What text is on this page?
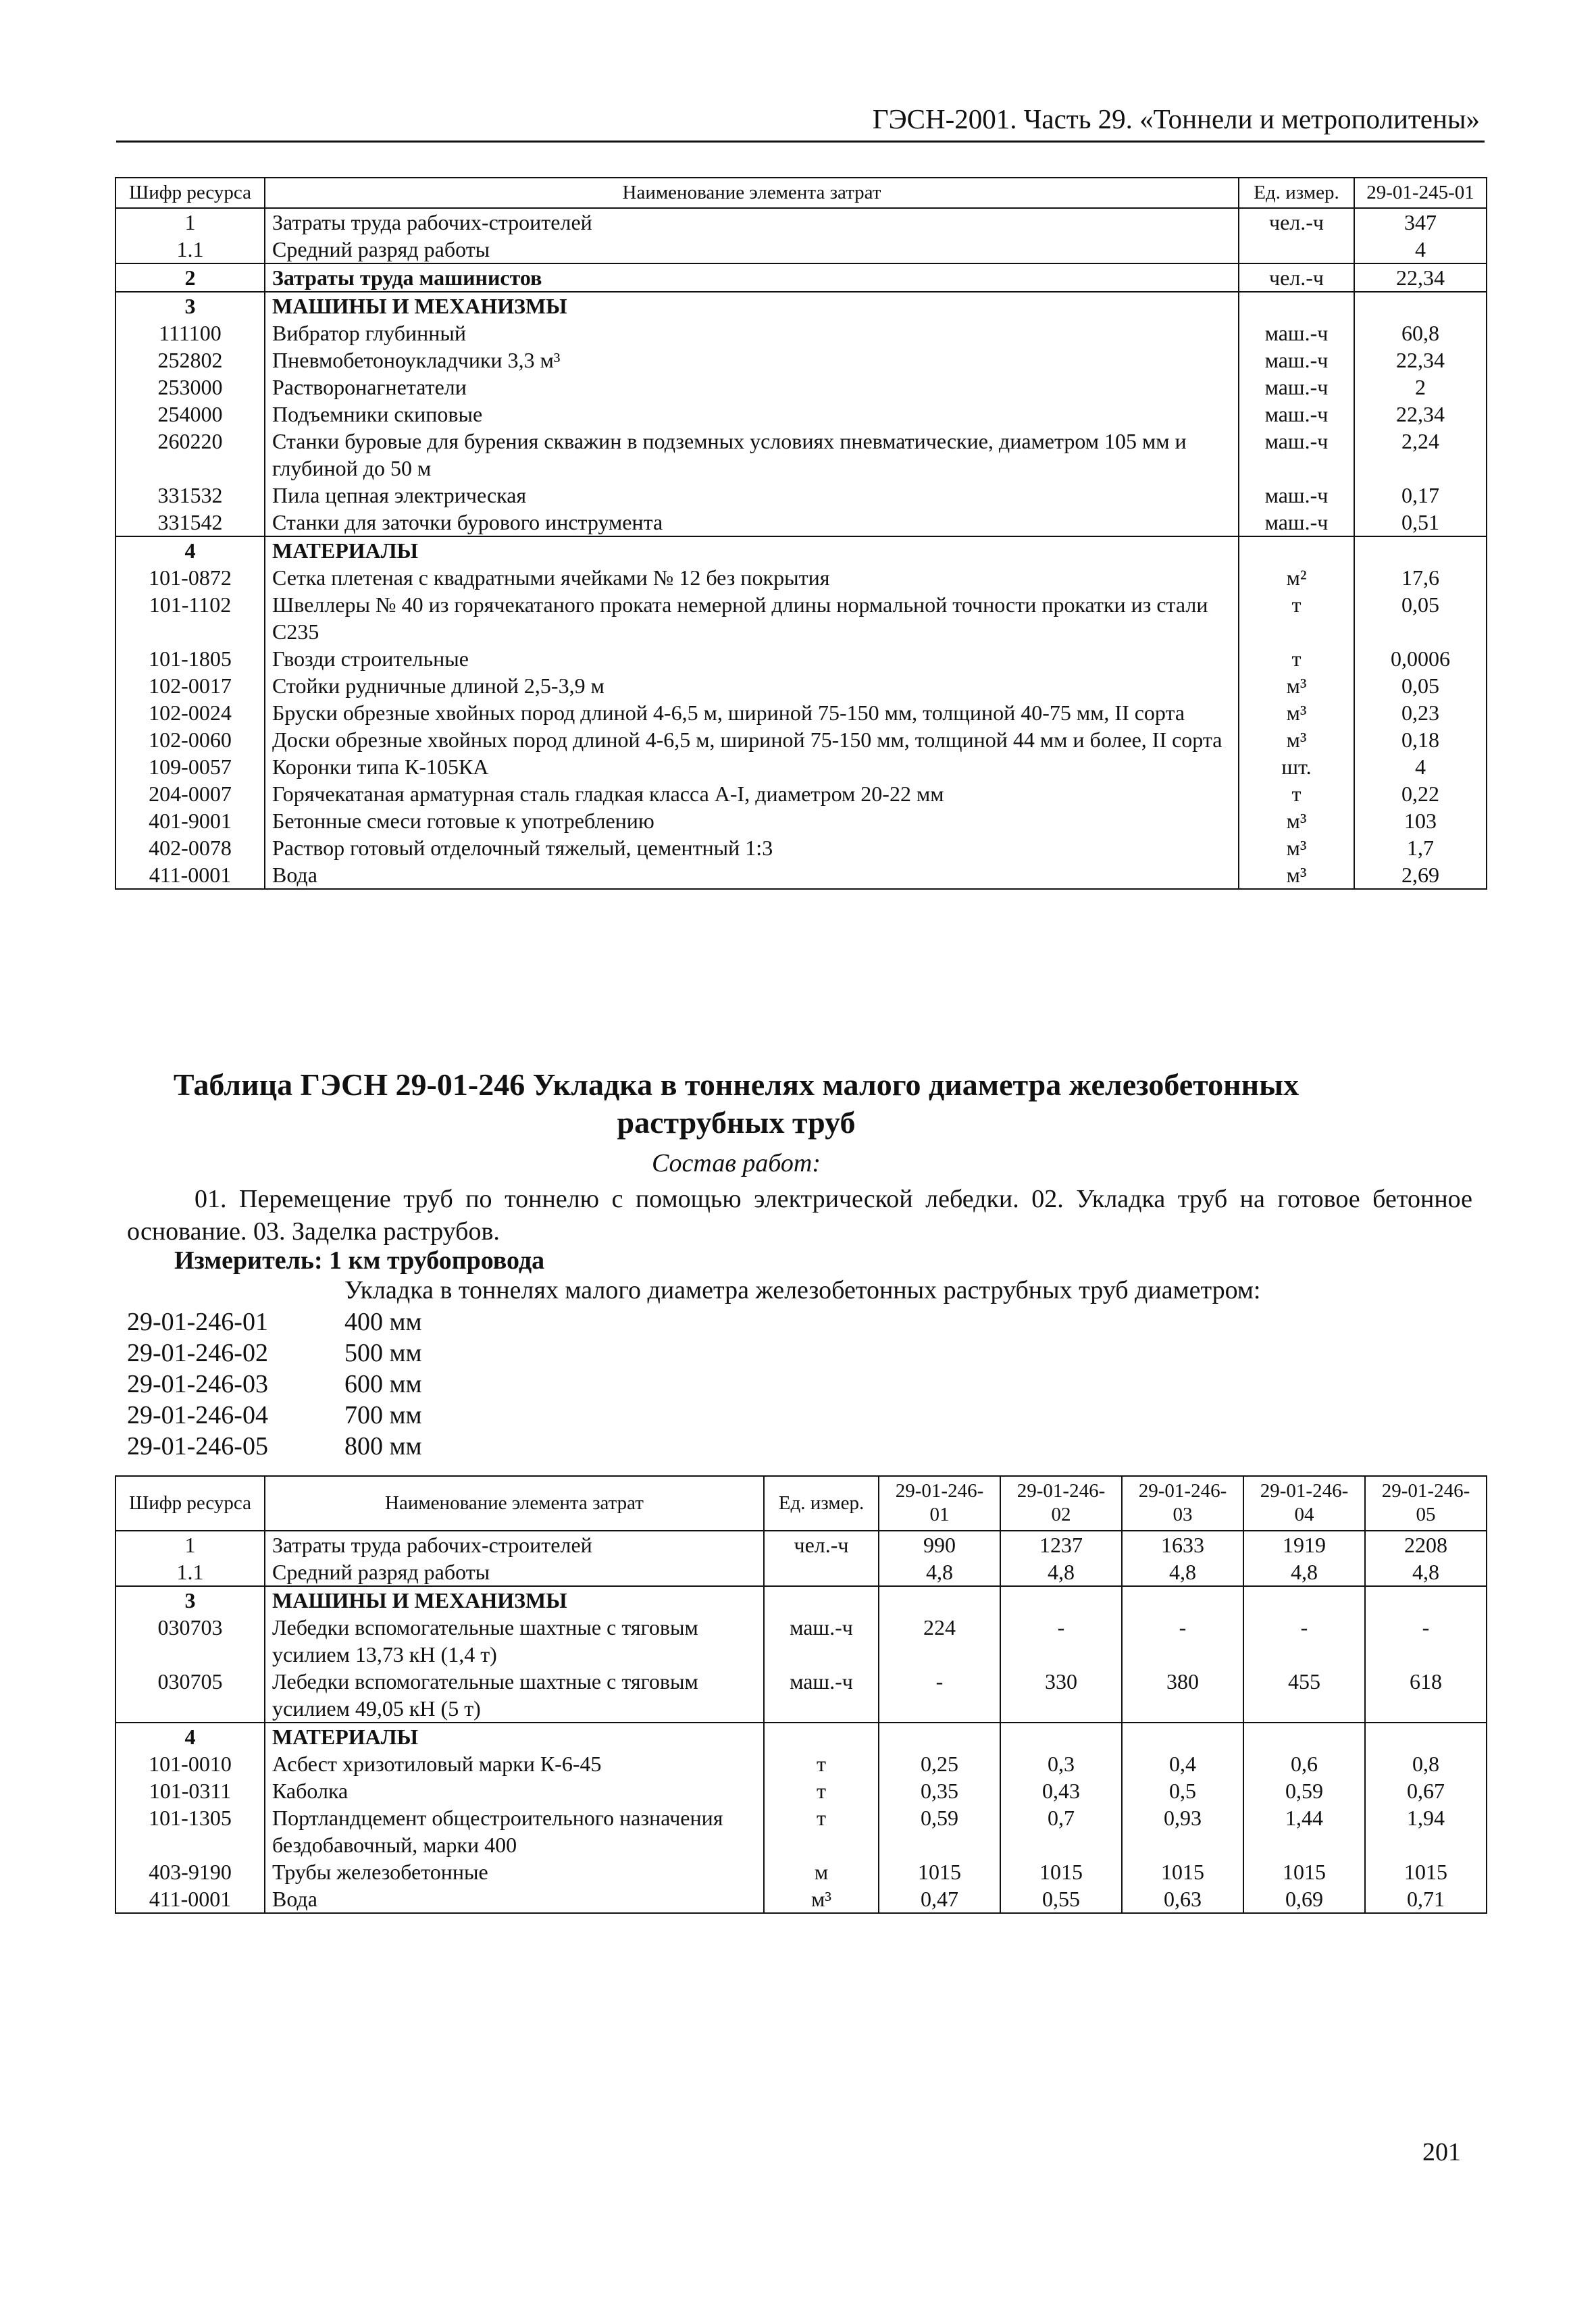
ГЭСН-2001. Часть 29. «Тоннели и метрополитены»
Шифр ресурса	Наименование элемента затрат	Ед. измер.	29-01-245-01
1	Затраты труда рабочих-строителей	чел.-ч	347
1.1	Средний разряд работы		4
2	Затраты труда машинистов	чел.-ч	22,34
3	МАШИНЫ И МЕХАНИЗМЫ		
111100	Вибратор глубинный	маш.-ч	60,8
252802	Пневмобетоноукладчики 3,3 м³	маш.-ч	22,34
253000	Растворонагнетатели	маш.-ч	2
254000	Подъемники скиповые	маш.-ч	22,34
260220	Станки буровые для бурения скважин в подземных условиях пневматические, диаметром 105 мм и глубиной до 50 м	маш.-ч	2,24
331532	Пила цепная электрическая	маш.-ч	0,17
331542	Станки для заточки бурового инструмента	маш.-ч	0,51
4	МАТЕРИАЛЫ		
101-0872	Сетка плетеная с квадратными ячейками № 12 без покрытия	м²	17,6
101-1102	Швеллеры № 40 из горячекатаного проката немерной длины нормальной точности прокатки из стали С235	т	0,05
101-1805	Гвозди строительные	т	0,0006
102-0017	Стойки рудничные длиной 2,5-3,9 м	м³	0,05
102-0024	Бруски обрезные хвойных пород длиной 4-6,5 м, шириной 75-150 мм, толщиной 40-75 мм, II сорта	м³	0,23
102-0060	Доски обрезные хвойных пород длиной 4-6,5 м, шириной 75-150 мм, толщиной 44 мм и более, II сорта	м³	0,18
109-0057	Коронки типа К-105КА	шт.	4
204-0007	Горячекатаная арматурная сталь гладкая класса А-I, диаметром 20-22 мм	т	0,22
401-9001	Бетонные смеси готовые к употреблению	м³	103
402-0078	Раствор готовый отделочный тяжелый, цементный 1:3	м³	1,7
411-0001	Вода	м³	2,69
Таблица ГЭСН 29-01-246 Укладка в тоннелях малого диаметра железобетонных
раструбных труб
Состав работ:
01. Перемещение труб по тоннелю с помощью электрической лебедки. 02. Укладка труб на готовое бетонное основание. 03. Заделка раструбов.
Измеритель: 1 км трубопровода
Укладка в тоннелях малого диаметра железобетонных раструбных труб диаметром:
29-01-246-01	400 мм
29-01-246-02	500 мм
29-01-246-03	600 мм
29-01-246-04	700 мм
29-01-246-05	800 мм
Шифр ресурса	Наименование элемента затрат	Ед. измер.	29-01-246-01	29-01-246-02	29-01-246-03	29-01-246-04	29-01-246-05
1	Затраты труда рабочих-строителей	чел.-ч	990	1237	1633	1919	2208
1.1	Средний разряд работы		4,8	4,8	4,8	4,8	4,8
3	МАШИНЫ И МЕХАНИЗМЫ						
030703	Лебедки вспомогательные шахтные с тяговым усилием 13,73 кН (1,4 т)	маш.-ч	224	-	-	-	-
030705	Лебедки вспомогательные шахтные с тяговым усилием 49,05 кН (5 т)	маш.-ч	-	330	380	455	618
4	МАТЕРИАЛЫ						
101-0010	Асбест хризотиловый марки К-6-45	т	0,25	0,3	0,4	0,6	0,8
101-0311	Каболка	т	0,35	0,43	0,5	0,59	0,67
101-1305	Портландцемент общестроительного назначения бездобавочный, марки 400	т	0,59	0,7	0,93	1,44	1,94
403-9190	Трубы железобетонные	м	1015	1015	1015	1015	1015
411-0001	Вода	м³	0,47	0,55	0,63	0,69	0,71
201
